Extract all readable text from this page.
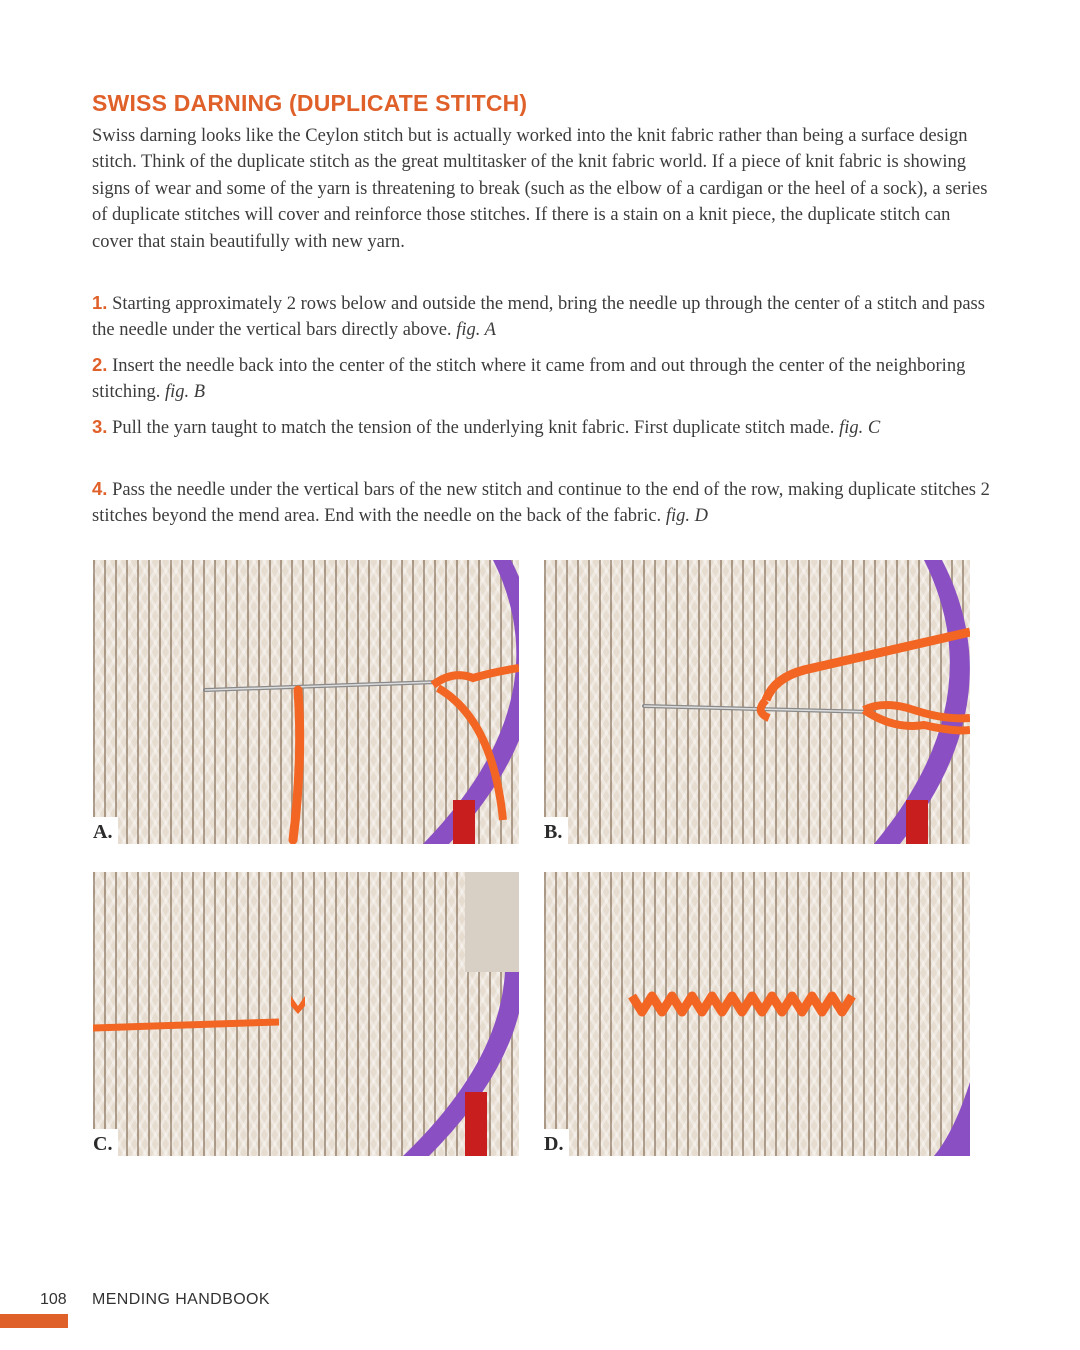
SWISS DARNING (DUPLICATE STITCH)

Swiss darning looks like the Ceylon stitch but is actually worked into the knit fabric rather than being a surface design stitch. Think of the duplicate stitch as the great multitasker of the knit fabric world. If a piece of knit fabric is showing signs of wear and some of the yarn is threatening to break (such as the elbow of a cardigan or the heel of a sock), a series of duplicate stitches will cover and reinforce those stitches. If there is a stain on a knit piece, the duplicate stitch can cover that stain beautifully with new yarn.

1. Starting approximately 2 rows below and outside the mend, bring the needle up through the center of a stitch and pass the needle under the vertical bars directly above. fig. A

2. Insert the needle back into the center of the stitch where it came from and out through the center of the neighboring stitching. fig. B

3. Pull the yarn taught to match the tension of the underlying knit fabric. First duplicate stitch made. fig. C

4. Pass the needle under the vertical bars of the new stitch and continue to the end of the row, making duplicate stitches 2 stitches beyond the mend area. End with the needle on the back of the fabric. fig. D

A.	B.
C.	D.
108 MENDING HANDBOOK
